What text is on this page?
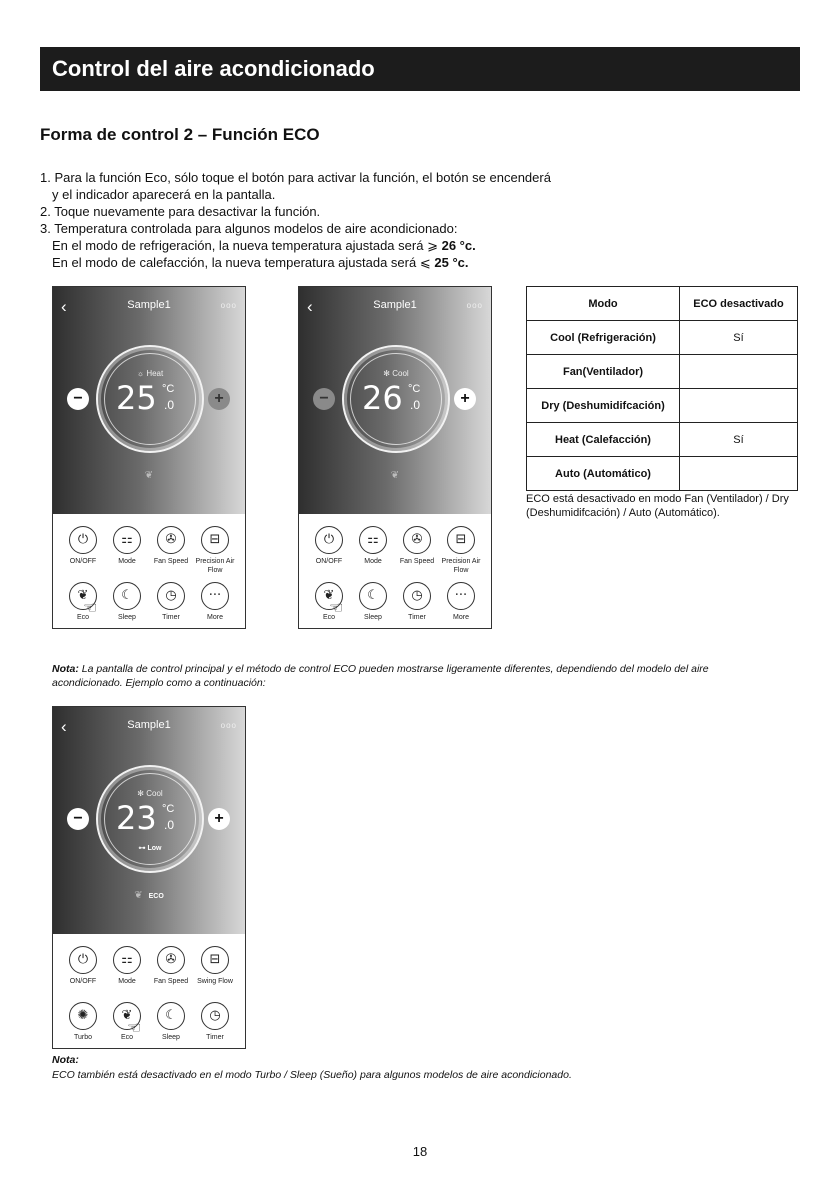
Control del aire acondicionado
Forma de control 2 – Función ECO
1. Para la función Eco, sólo toque el botón para activar la función, el botón se encenderá
y el indicador aparecerá en la pantalla.
2. Toque nuevamente para desactivar la función.
3. Temperatura controlada para algunos modelos de aire acondicionado:
En el modo de refrigeración, la nueva temperatura ajustada será ⩾ 26 °c.
En el modo de calefacción, la nueva temperatura ajustada será ⩽ 25 °c.
‹	Sample1	ooo
−
☼ Heat
25 °C
.0	+
❦
⏻
ON/OFF
⚏
Mode
✇
Fan Speed
⊟
Precision Air Flow
❦
Eco
☾
Sleep
◷
Timer
···
More
☜
‹	Sample1	ooo
−
✻ Cool
26 °C
.0	+
❦
⏻
ON/OFF
⚏
Mode
✇
Fan Speed
⊟
Precision Air Flow
❦
Eco
☾
Sleep
◷
Timer
···
More
☜
Modo	ECO desactivado
Cool (Refrigeración)	Sí
Fan(Ventilador)	
Dry (Deshumidifcación)	
Heat (Calefacción)	Sí
Auto (Automático)	
ECO está desactivado en modo Fan (Ventilador) / Dry (Deshumidifcación) / Auto (Automático).
Nota: La pantalla de control principal y el método de control ECO pueden mostrarse ligeramente diferentes, dependiendo del modelo del aire acondicionado. Ejemplo como a continuación:
‹	Sample1	ooo
−
✻ Cool
23 °C
.0
⊶ Low
+
❦ ECO
⏻
ON/OFF
⚏
Mode
✇
Fan Speed
⊟
Swing Flow
✺
Turbo
❦
Eco
☾
Sleep
◷
Timer
☜
Nota:
ECO también está desactivado en el modo Turbo / Sleep (Sueño) para algunos modelos de aire acondicionado.
18
